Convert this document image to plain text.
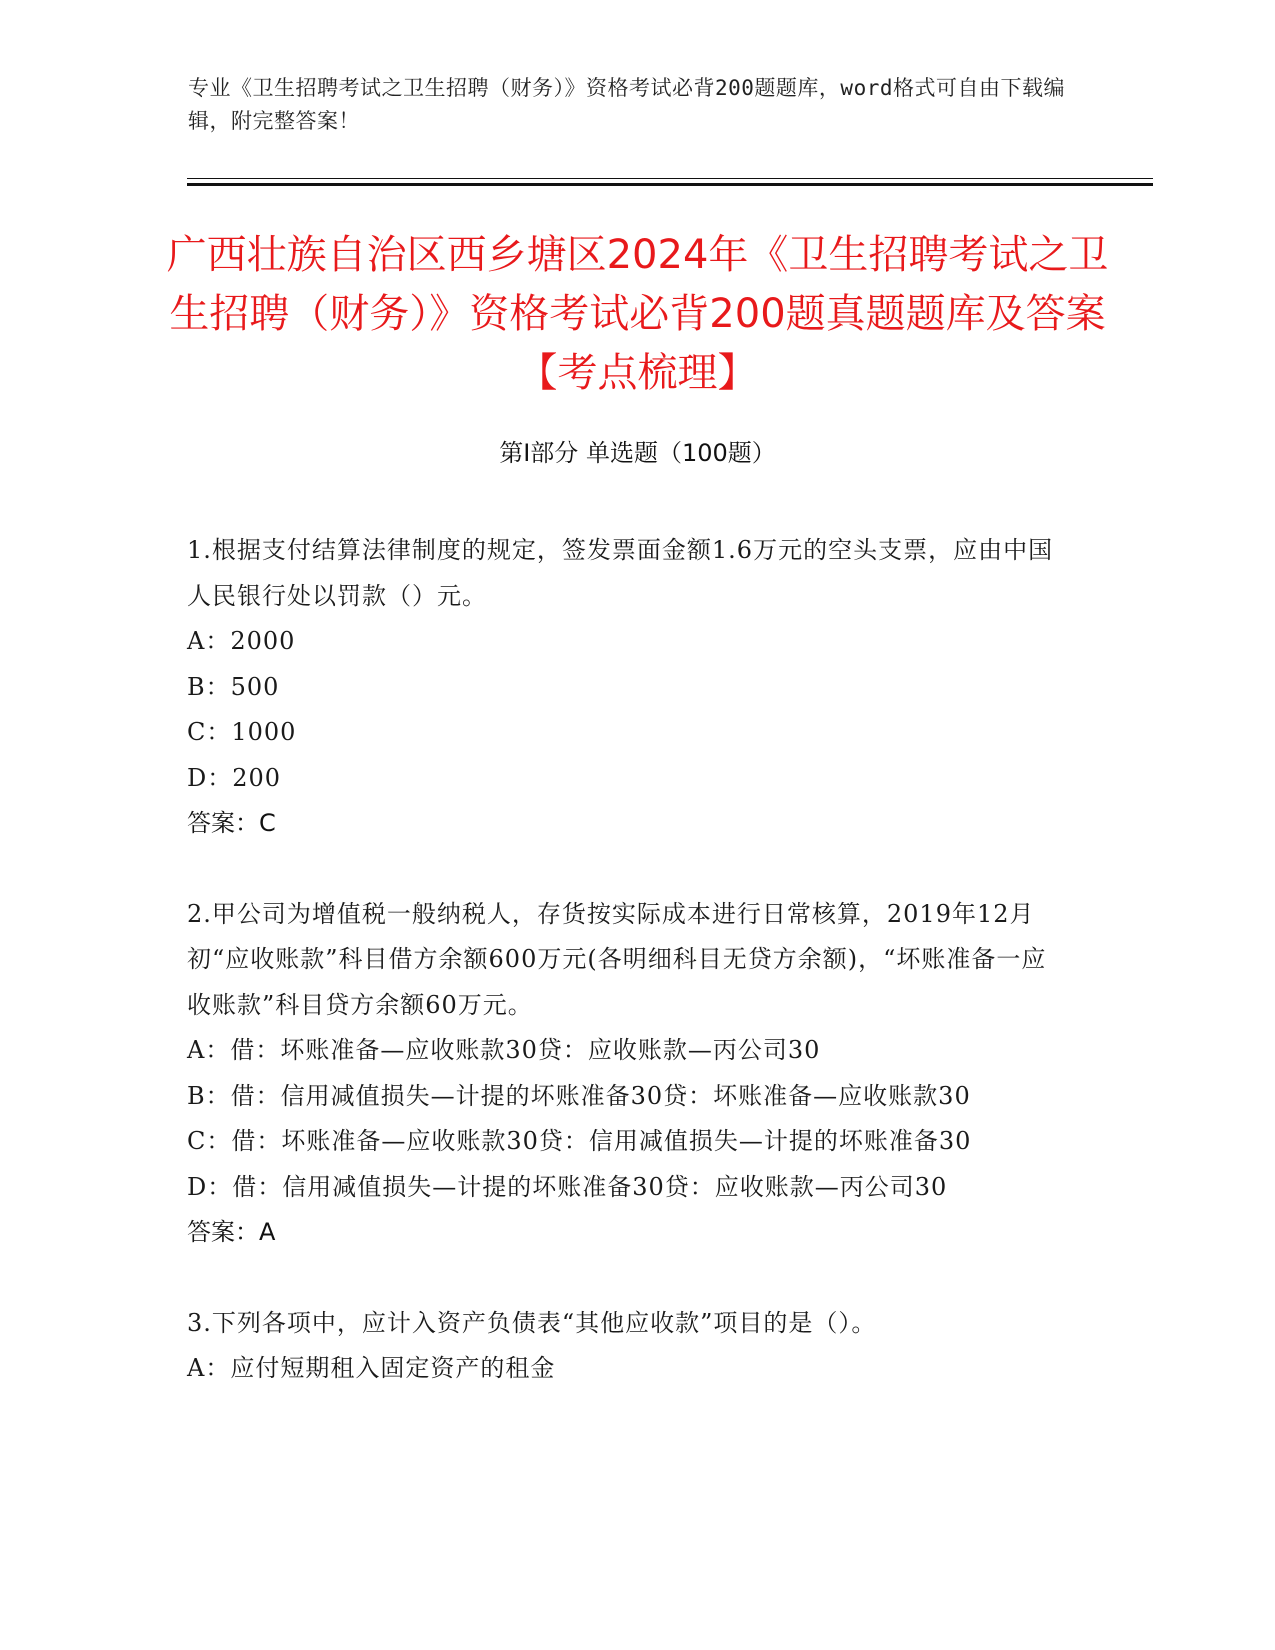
专业《卫生招聘考试之卫生招聘（财务）》资格考试必背200题题库，word格式可自由下载编辑，附完整答案！
广西壮族自治区西乡塘区2024年《卫生招聘考试之卫生招聘（财务）》资格考试必背200题真题题库及答案【考点梳理】
第Ⅰ部分 单选题（100题）
1.根据支付结算法律制度的规定，签发票面金额1.6万元的空头支票，应由中国人民银行处以罚款（）元。
A：2000
B：500
C：1000
D：200
答案：C
2.甲公司为增值税一般纳税人，存货按实际成本进行日常核算，2019年12月初“应收账款”科目借方余额600万元(各明细科目无贷方余额)，“坏账准备一应收账款”科目贷方余额60万元。
A：借：坏账准备—应收账款30贷：应收账款—丙公司30
B：借：信用减值损失—计提的坏账准备30贷：坏账准备—应收账款30
C：借：坏账准备—应收账款30贷：信用减值损失—计提的坏账准备30
D：借：信用减值损失—计提的坏账准备30贷：应收账款—丙公司30
答案：A
3.下列各项中，应计入资产负债表“其他应收款”项目的是（）。
A：应付短期租入固定资产的租金
